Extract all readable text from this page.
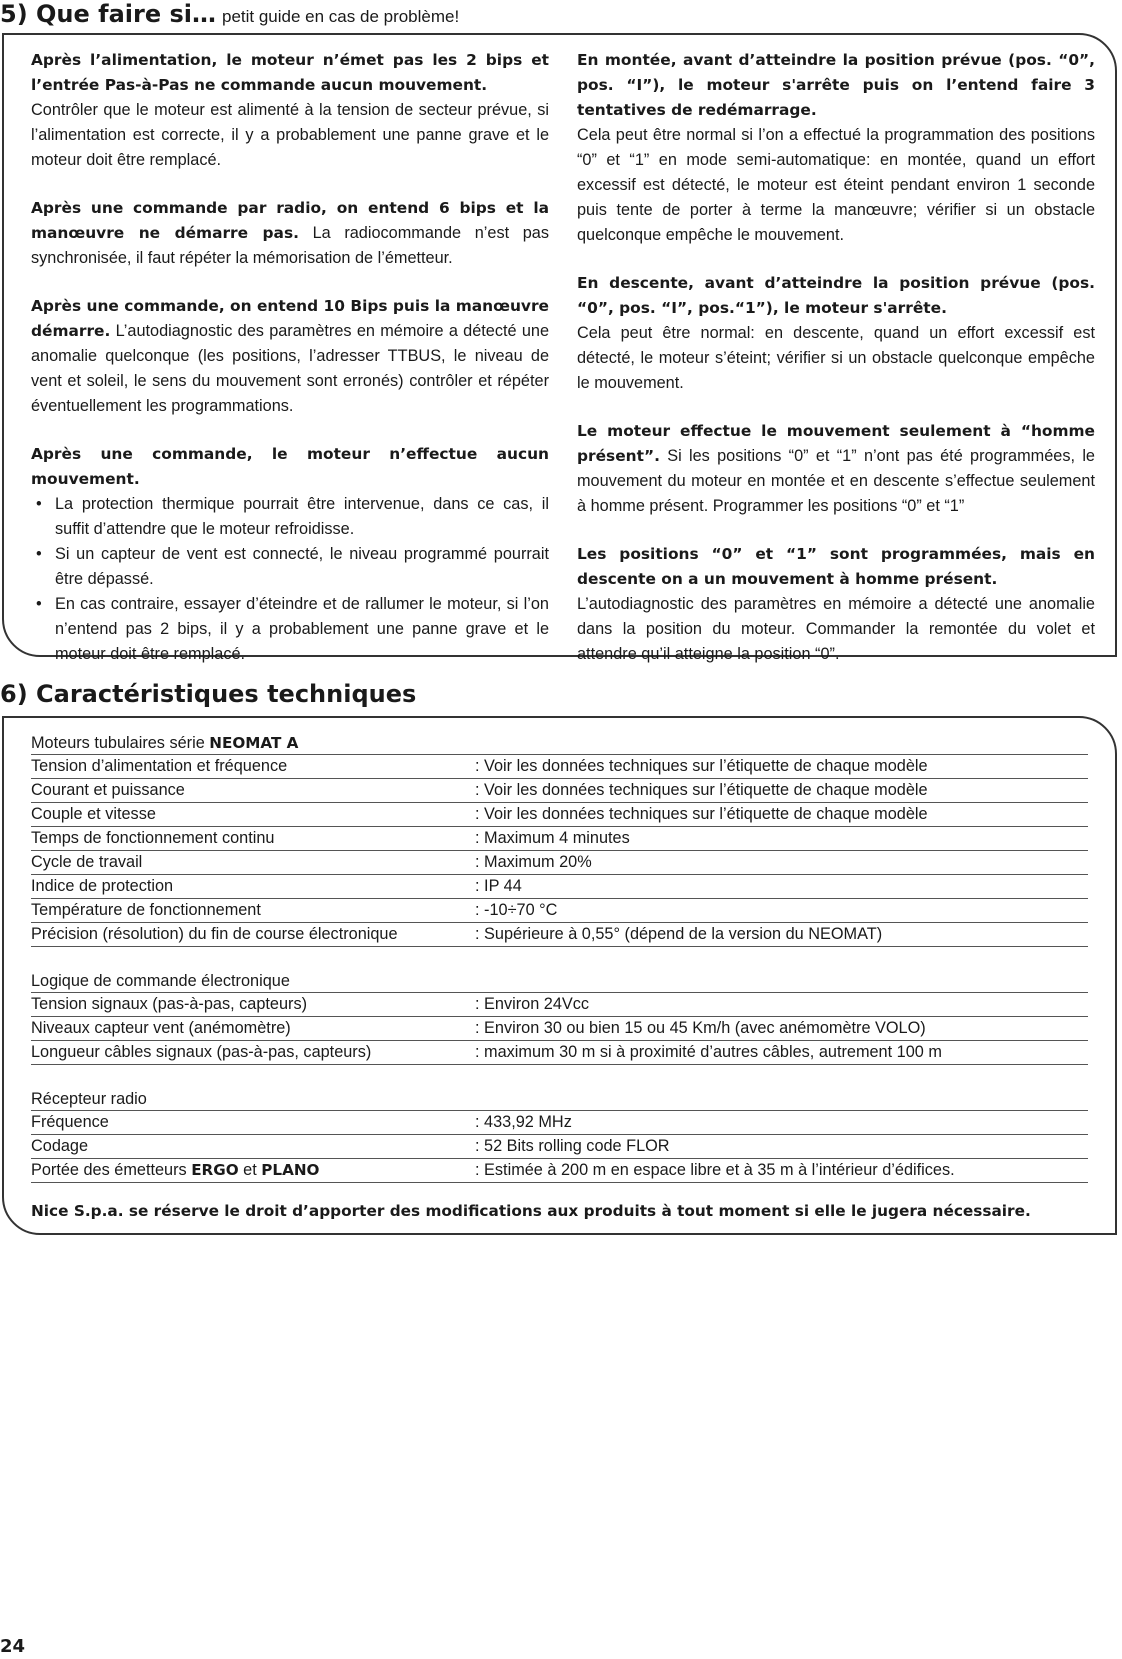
5) Que faire si… petit guide en cas de problème!

Après l’alimentation, le moteur n’émet pas les 2 bips et l’entrée Pas-à-Pas ne commande aucun mouvement.

Contrôler que le moteur est alimenté à la tension de secteur prévue, si l’alimentation est correcte, il y a probablement une panne grave et le moteur doit être remplacé.

Après une commande par radio, on entend 6 bips et la manœuvre ne démarre pas. La radiocommande n’est pas synchronisée, il faut répéter la mémorisation de l’émetteur.

Après une commande, on entend 10 Bips puis la manœuvre démarre. L’autodiagnostic des paramètres en mémoire a détecté une anomalie quelconque (les positions, l’adresser TTBUS, le niveau de vent et soleil, le sens du mouvement sont erronés) contrôler et répéter éventuellement les programmations.

Après une commande, le moteur n’effectue aucun mouvement.

• La protection thermique pourrait être intervenue, dans ce cas, il suffit d’attendre que le moteur refroidisse.
• Si un capteur de vent est connecté, le niveau programmé pourrait être dépassé.
• En cas contraire, essayer d’éteindre et de rallumer le moteur, si l’on n’entend pas 2 bips, il y a probablement une panne grave et le moteur doit être remplacé.

En montée, avant d’atteindre la position prévue (pos. “0”, pos. “I”), le moteur s'arrête puis on l’entend faire 3 tentatives de redémarrage.

Cela peut être normal si l’on a effectué la programmation des positions “0” et “1” en mode semi-automatique: en montée, quand un effort excessif est détecté, le moteur est éteint pendant environ 1 seconde puis tente de porter à terme la manœuvre; vérifier si un obstacle quelconque empêche le mouvement.

En descente, avant d’atteindre la position prévue (pos. “0”, pos. “I”, pos.“1”), le moteur s'arrête.

Cela peut être normal: en descente, quand un effort excessif est détecté, le moteur s’éteint; vérifier si un obstacle quelconque empêche le mouvement.

Le moteur effectue le mouvement seulement à “homme présent”. Si les positions “0” et “1” n’ont pas été programmées, le mouvement du moteur en montée et en descente s’effectue seulement à homme présent. Programmer les positions “0” et “1”

Les positions “0” et “1” sont programmées, mais en descente on a un mouvement à homme présent.

L’autodiagnostic des paramètres en mémoire a détecté une anomalie dans la position du moteur. Commander la remontée du volet et attendre qu’il atteigne la position “0”.

6) Caractéristiques techniques
Moteurs tubulaires série NEOMAT A
Tension d’alimentation et fréquence	: Voir les données techniques sur l’étiquette de chaque modèle
Courant et puissance	: Voir les données techniques sur l’étiquette de chaque modèle
Couple et vitesse	: Voir les données techniques sur l’étiquette de chaque modèle
Temps de fonctionnement continu	: Maximum 4 minutes
Cycle de travail	: Maximum 20%
Indice de protection	: IP 44
Température de fonctionnement	: -10÷70 °C
Précision (résolution) du fin de course électronique	: Supérieure à 0,55° (dépend de la version du NEOMAT)
Logique de commande électronique
Tension signaux (pas-à-pas, capteurs)	: Environ 24Vcc
Niveaux capteur vent (anémomètre)	: Environ 30 ou bien 15 ou 45 Km/h (avec anémomètre VOLO)
Longueur câbles signaux (pas-à-pas, capteurs)	: maximum 30 m si à proximité d’autres câbles, autrement 100 m
Récepteur radio
Fréquence	: 433,92 MHz
Codage	: 52 Bits rolling code FLOR
Portée des émetteurs ERGO et PLANO	: Estimée à 200 m en espace libre et à 35 m à l’intérieur d’édifices.
Nice S.p.a. se réserve le droit d’apporter des modifications aux produits à tout moment si elle le jugera nécessaire.

24
